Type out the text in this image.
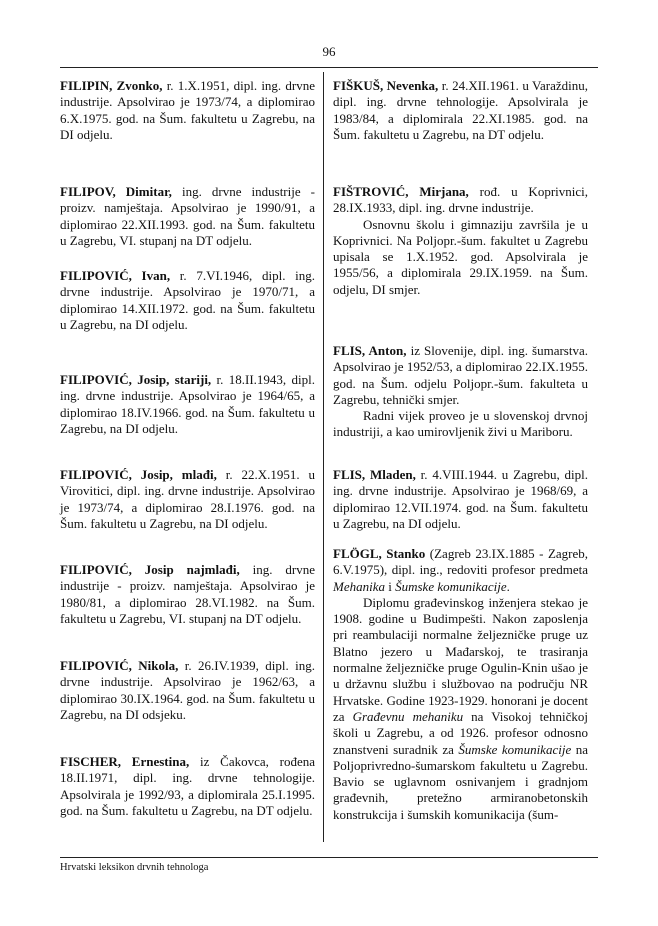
96

FILIPIN, Zvonko, r. 1.X.1951, dipl. ing. drvne industrije. Apsolvirao je 1973/74, a diplomirao 6.X.1975. god. na Šum. fakultetu u Zagrebu, na DI odjelu.

FILIPOV, Dimitar, ing. drvne industrije - proizv. namještaja. Apsolvirao je 1990/91, a diplomirao 22.XII.1993. god. na Šum. fakultetu u Zagrebu, VI. stupanj na DT odjelu.

FILIPOVIĆ, Ivan, r. 7.VI.1946, dipl. ing. drvne industrije. Apsolvirao je 1970/71, a diplomirao 14.XII.1972. god. na Šum. fakultetu u Zagrebu, na DI odjelu.

FILIPOVIĆ, Josip, stariji, r. 18.II.1943, dipl. ing. drvne industrije. Apsolvirao je 1964/65, a diplomirao 18.IV.1966. god. na Šum. fakultetu u Zagrebu, na DI odjelu.

FILIPOVIĆ, Josip, mlađi, r. 22.X.1951. u Virovitici, dipl. ing. drvne industrije. Apsolvirao je 1973/74, a diplomirao 28.I.1976. god. na Šum. fakultetu u Zagrebu, na DI odjelu.

FILIPOVIĆ, Josip najmlađi, ing. drvne industrije - proizv. namještaja. Apsolvirao je 1980/81, a diplomirao 28.VI.1982. na Šum. fakultetu u Zagrebu, VI. stupanj na DT odjelu.

FILIPOVIĆ, Nikola, r. 26.IV.1939, dipl. ing. drvne industrije. Apsolvirao je 1962/63, a diplomirao 30.IX.1964. god. na Šum. fakultetu u Zagrebu, na DI odsjeku.

FISCHER, Ernestina, iz Čakovca, rođena 18.II.1971, dipl. ing. drvne tehnologije. Apsolvirala je 1992/93, a diplomirala 25.I.1995. god. na Šum. fakultetu u Zagrebu, na DT odjelu.

FIŠKUŠ, Nevenka, r. 24.XII.1961. u Varaždinu, dipl. ing. drvne tehnologije. Apsolvirala je 1983/84, a diplomirala 22.XI.1985. god. na Šum. fakultetu u Zagrebu, na DT odjelu.

FIŠTROVIĆ, Mirjana, rođ. u Koprivnici, 28.IX.1933, dipl. ing. drvne industrije.

Osnovnu školu i gimnaziju završila je u Koprivnici. Na Poljopr.-šum. fakultet u Zagrebu upisala se 1.X.1952. god. Apsolvirala je 1955/56, a diplomirala 29.IX.1959. na Šum. odjelu, DI smjer.

FLIS, Anton, iz Slovenije, dipl. ing. šumarstva. Apsolvirao je 1952/53, a diplomirao 22.IX.1955. god. na Šum. odjelu Poljopr.-šum. fakulteta u Zagrebu, tehnički smjer.

Radni vijek proveo je u slovenskoj drvnoj industriji, a kao umirovljenik živi u Mariboru.

FLIS, Mladen, r. 4.VIII.1944. u Zagrebu, dipl. ing. drvne industrije. Apsolvirao je 1968/69, a diplomirao 12.VII.1974. god. na Šum. fakultetu u Zagrebu, na DI odjelu.

FLÖGL, Stanko (Zagreb 23.IX.1885 - Zagreb, 6.V.1975), dipl. ing., redoviti profesor predmeta Mehanika i Šumske komunikacije.

Diplomu građevinskog inženjera stekao je 1908. godine u Budimpešti. Nakon zaposlenja pri reambulaciji normalne željezničke pruge uz Blatno jezero u Mađarskoj, te trasiranja normalne željezničke pruge Ogulin-Knin ušao je u državnu službu i službovao na području NR Hrvatske. Godine 1923-1929. honorani je docent za Građevnu mehaniku na Visokoj tehničkoj školi u Zagrebu, a od 1926. profesor odnosno znanstveni suradnik za Šumske komunikacije na Poljoprivredno-šumarskom fakultetu u Zagrebu. Bavio se uglavnom osnivanjem i gradnjom građevnih, pretežno armiranobetonskih konstrukcija i šumskih komunikacija (šum-

Hrvatski leksikon drvnih tehnologa
